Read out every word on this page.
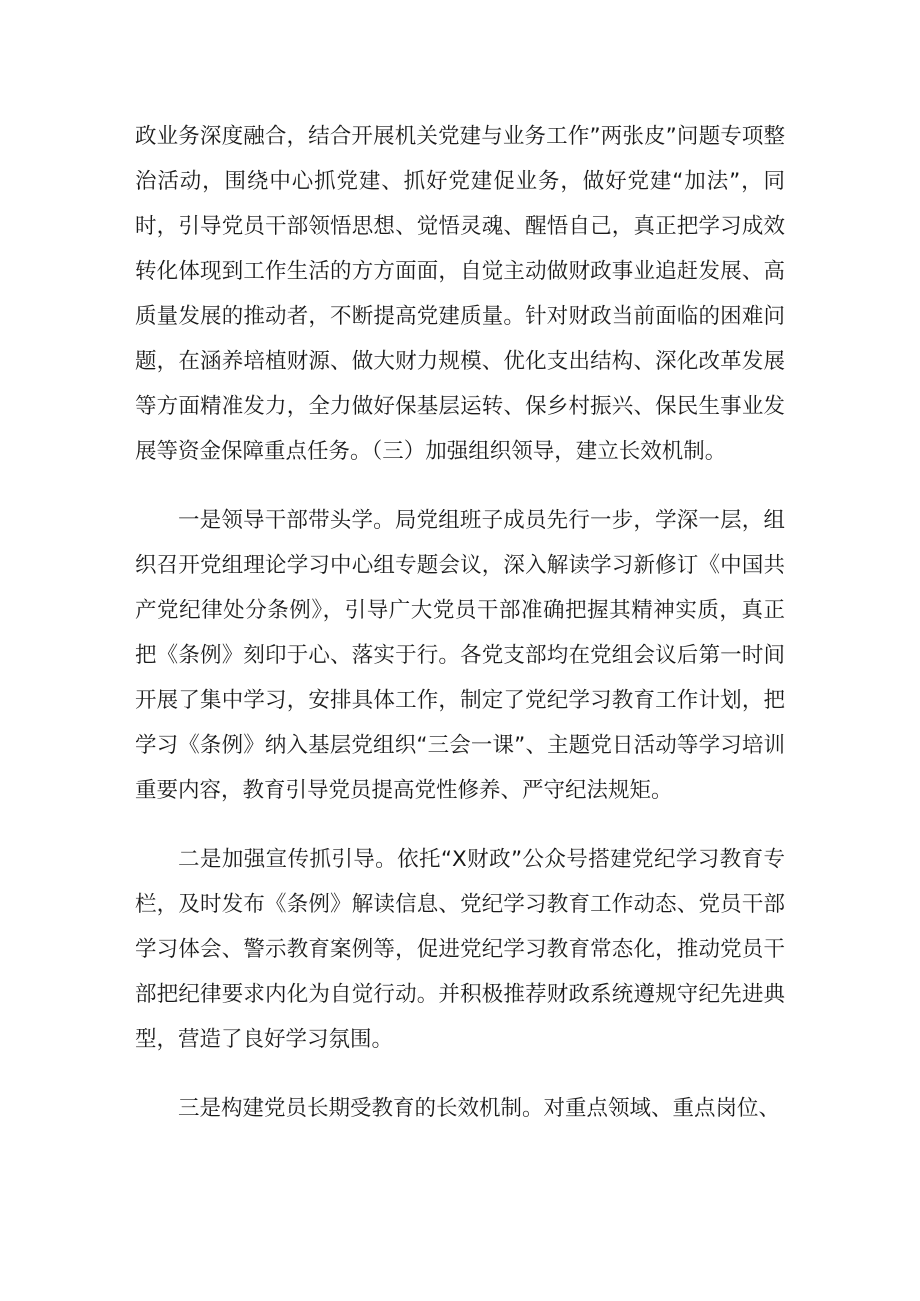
政业务深度融合，结合开展机关党建与业务工作”两张皮”问题专项整治活动，围绕中心抓党建、抓好党建促业务，做好党建“加法”，同时，引导党员干部领悟思想、觉悟灵魂、醒悟自己，真正把学习成效转化体现到工作生活的方方面面，自觉主动做财政事业追赶发展、高质量发展的推动者，不断提高党建质量。针对财政当前面临的困难问题，在涵养培植财源、做大财力规模、优化支出结构、深化改革发展等方面精准发力，全力做好保基层运转、保乡村振兴、保民生事业发展等资金保障重点任务。（三）加强组织领导，建立长效机制。

一是领导干部带头学。局党组班子成员先行一步，学深一层，组织召开党组理论学习中心组专题会议，深入解读学习新修订《中国共产党纪律处分条例》，引导广大党员干部准确把握其精神实质，真正把《条例》刻印于心、落实于行。各党支部均在党组会议后第一时间开展了集中学习，安排具体工作，制定了党纪学习教育工作计划，把学习《条例》纳入基层党组织“三会一课”、主题党日活动等学习培训重要内容，教育引导党员提高党性修养、严守纪法规矩。

二是加强宣传抓引导。依托“X财政”公众号搭建党纪学习教育专栏，及时发布《条例》解读信息、党纪学习教育工作动态、党员干部学习体会、警示教育案例等，促进党纪学习教育常态化，推动党员干部把纪律要求内化为自觉行动。并积极推荐财政系统遵规守纪先进典型，营造了良好学习氛围。

三是构建党员长期受教育的长效机制。对重点领域、重点岗位、
